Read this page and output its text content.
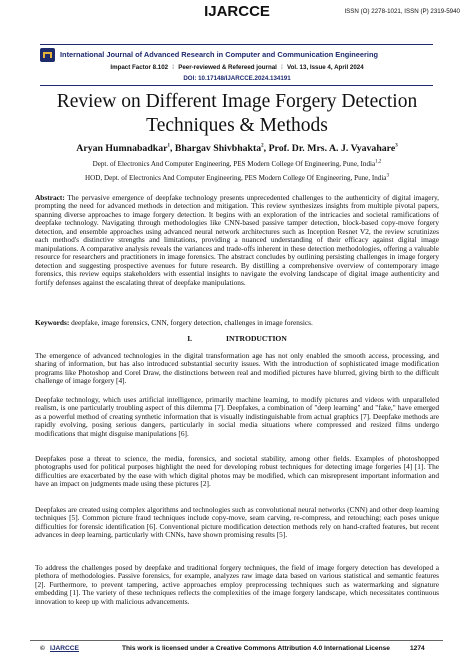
IJARCCE	ISSN (O) 2278-1021, ISSN (P) 2319-5940
International Journal of Advanced Research in Computer and Communication Engineering
Impact Factor 8.102 ⁞ Peer-reviewed & Refereed journal ⁞ Vol. 13, Issue 4, April 2024
DOI: 10.17148/IJARCCE.2024.134191
Review on Different Image Forgery Detection
Techniques & Methods
Aryan Humnabadkar$^1$, Bhargav Shivbhakta$^2$, Prof. Dr. Mrs. A. J. Vyavahare$^3$
Dept. of Electronics And Computer Engineering, PES Modern College Of Engineering, Pune, India$^{1,2}$
HOD, Dept. of Electronics And Computer Engineering, PES Modern College Of Engineering, Pune, India$^3$
Abstract: The pervasive emergence of deepfake technology presents unprecedented challenges to the authenticity of digital imagery, prompting the need for advanced methods in detection and mitigation. This review synthesizes insights from multiple pivotal papers, spanning diverse approaches to image forgery detection. It begins with an exploration of the intricacies and societal ramifications of deepfake technology. Navigating through methodologies like CNN-based passive tamper detection, block-based copy-move forgery detection, and ensemble approaches using advanced neural network architectures such as Inception Resnet V2, the review scrutinizes each method's distinctive strengths and limitations, providing a nuanced understanding of their efficacy against digital image manipulations. A comparative analysis reveals the variances and trade-offs inherent in these detection methodologies, offering a valuable resource for researchers and practitioners in image forensics. The abstract concludes by outlining persisting challenges in image forgery detection and suggesting prospective avenues for future research. By distilling a comprehensive overview of contemporary image forensics, this review equips stakeholders with essential insights to navigate the evolving landscape of digital image authenticity and fortify defenses against the escalating threat of deepfake manipulations.
Keywords: deepfake, image forensics, CNN, forgery detection, challenges in image forensics.
I.	INTRODUCTION
The emergence of advanced technologies in the digital transformation age has not only enabled the smooth access, processing, and sharing of information, but has also introduced substantial security issues. With the introduction of sophisticated image modification programs like Photoshop and Corel Draw, the distinctions between real and modified pictures have blurred, giving birth to the difficult challenge of image forgery [4].
Deepfake technology, which uses artificial intelligence, primarily machine learning, to modify pictures and videos with unparalleled realism, is one particularly troubling aspect of this dilemma [7]. Deepfakes, a combination of "deep learning" and "fake," have emerged as a powerful method of creating synthetic information that is visually indistinguishable from actual graphics [7]. Deepfake methods are rapidly evolving, posing serious dangers, particularly in social media situations where compressed and resized films undergo modifications that might disguise manipulations [6].
Deepfakes pose a threat to science, the media, forensics, and societal stability, among other fields. Examples of photoshopped photographs used for political purposes highlight the need for developing robust techniques for detecting image forgeries [4] [1]. The difficulties are exacerbated by the ease with which digital photos may be modified, which can misrepresent important information and have an impact on judgments made using these pictures [2].
Deepfakes are created using complex algorithms and technologies such as convolutional neural networks (CNN) and other deep learning techniques [5]. Common picture fraud techniques include copy-move, seam carving, re-compress, and retouching; each poses unique difficulties for forensic identification [6]. Conventional picture modification detection methods rely on hand-crafted features, but recent advances in deep learning, particularly with CNNs, have shown promising results [5].
To address the challenges posed by deepfake and traditional forgery techniques, the field of image forgery detection has developed a plethora of methodologies. Passive forensics, for example, analyzes raw image data based on various statistical and semantic features [2]. Furthermore, to prevent tampering, active approaches employ preprocessing techniques such as watermarking and signature embedding [1]. The variety of these techniques reflects the complexities of the image forgery landscape, which necessitates continuous innovation to keep up with malicious advancements.
© IJARCCE	This work is licensed under a Creative Commons Attribution 4.0 International License	1274
